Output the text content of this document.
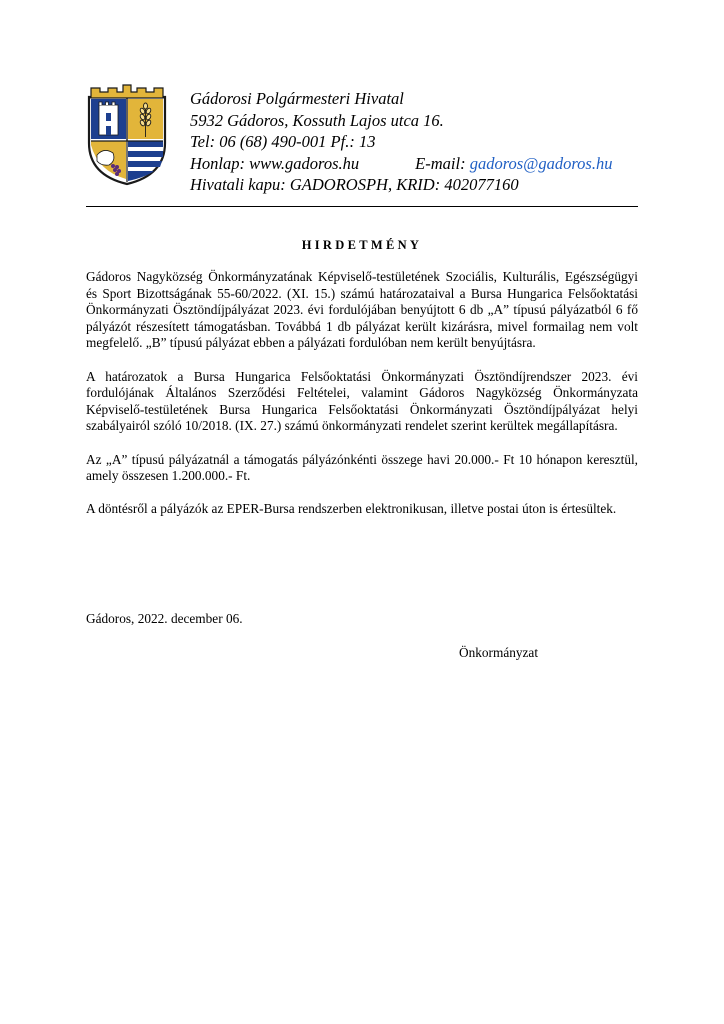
Gádorosi Polgármesteri Hivatal
5932 Gádoros, Kossuth Lajos utca 16.
Tel: 06 (68) 490-001 Pf.: 13
Honlap: www.gadoros.hu	E-mail: gadoros@gadoros.hu
Hivatali kapu: GADOROSPH, KRID: 402077160
HIRDETMÉNY

Gádoros Nagyközség Önkormányzatának Képviselő-testületének Szociális, Kulturális, Egészségügyi és Sport Bizottságának 55-60/2022. (XI. 15.) számú határozataival a Bursa Hungarica Felsőoktatási Önkormányzati Ösztöndíjpályázat 2023. évi fordulójában benyújtott 6 db „A” típusú pályázatból 6 fő pályázót részesített támogatásban. Továbbá 1 db pályázat került kizárásra, mivel formailag nem volt megfelelő. „B” típusú pályázat ebben a pályázati fordulóban nem került benyújtásra.

A határozatok a Bursa Hungarica Felsőoktatási Önkormányzati Ösztöndíjrendszer 2023. évi fordulójának Általános Szerződési Feltételei, valamint Gádoros Nagyközség Önkormányzata Képviselő-testületének Bursa Hungarica Felsőoktatási Önkormányzati Ösztöndíjpályázat helyi szabályairól szóló 10/2018. (IX. 27.) számú önkormányzati rendelet szerint kerültek megállapításra.

Az „A” típusú pályázatnál a támogatás pályázónkénti összege havi 20.000.- Ft 10 hónapon keresztül, amely összesen 1.200.000.- Ft.

A döntésről a pályázók az EPER-Bursa rendszerben elektronikusan, illetve postai úton is értesültek.

Gádoros, 2022. december 06.
Önkormányzat
